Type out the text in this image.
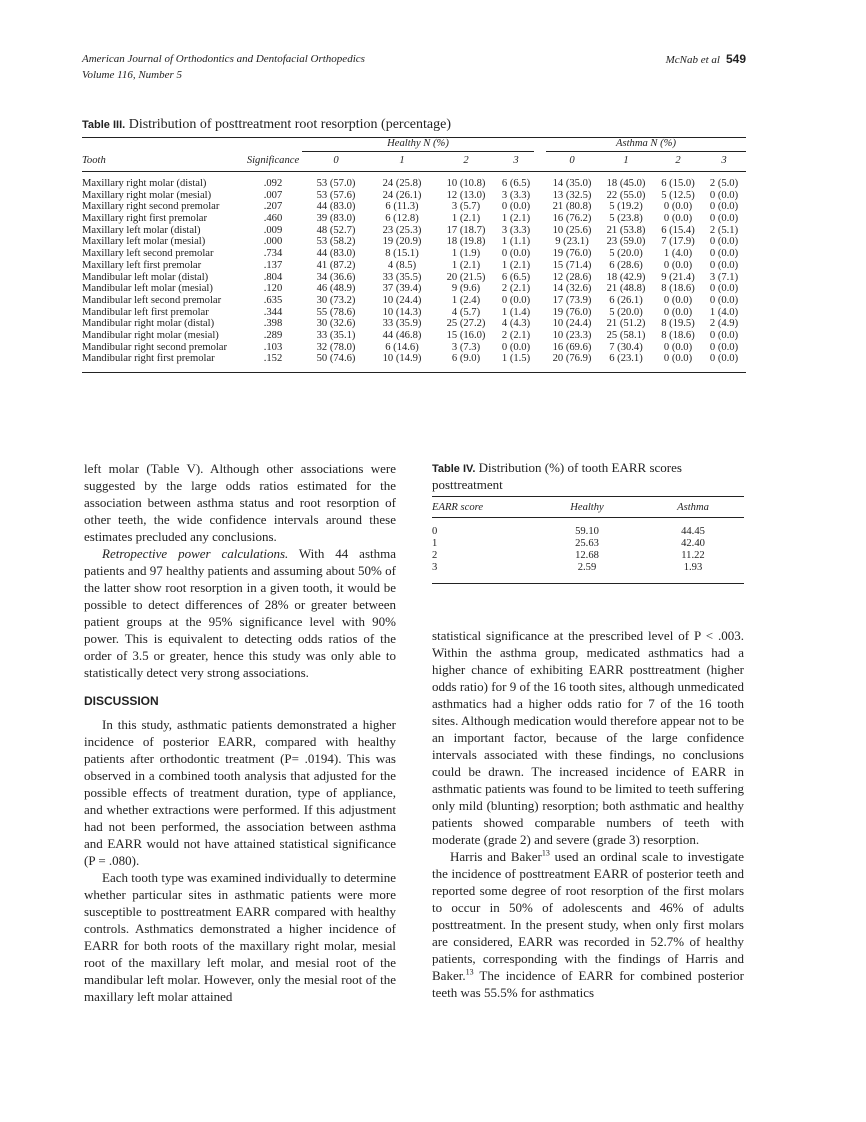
American Journal of Orthodontics and Dentofacial Orthopedics
Volume 116, Number 5
McNab et al 549
Table III. Distribution of posttreatment root resorption (percentage)
		Healthy N (%)					Asthma N (%)			
Tooth	Significance	0	1	2	3		0	1	2	3

Maxillary right molar (distal)	.092	53 (57.0)	24 (25.8)	10 (10.8)	6 (6.5)		14 (35.0)	18 (45.0)	6 (15.0)	2 (5.0)
Maxillary right molar (mesial)	.007	53 (57.6)	24 (26.1)	12 (13.0)	3 (3.3)		13 (32.5)	22 (55.0)	5 (12.5)	0 (0.0)
Maxillary right second premolar	.207	44 (83.0)	6 (11.3)	3 (5.7)	0 (0.0)		21 (80.8)	5 (19.2)	0 (0.0)	0 (0.0)
Maxillary right first premolar	.460	39 (83.0)	6 (12.8)	1 (2.1)	1 (2.1)		16 (76.2)	5 (23.8)	0 (0.0)	0 (0.0)
Maxillary left molar (distal)	.009	48 (52.7)	23 (25.3)	17 (18.7)	3 (3.3)		10 (25.6)	21 (53.8)	6 (15.4)	2 (5.1)
Maxillary left molar (mesial)	.000	53 (58.2)	19 (20.9)	18 (19.8)	1 (1.1)		9 (23.1)	23 (59.0)	7 (17.9)	0 (0.0)
Maxillary left second premolar	.734	44 (83.0)	8 (15.1)	1 (1.9)	0 (0.0)		19 (76.0)	5 (20.0)	1 (4.0)	0 (0.0)
Maxillary left first premolar	.137	41 (87.2)	4 (8.5)	1 (2.1)	1 (2.1)		15 (71.4)	6 (28.6)	0 (0.0)	0 (0.0)
Mandibular left molar (distal)	.804	34 (36.6)	33 (35.5)	20 (21.5)	6 (6.5)		12 (28.6)	18 (42.9)	9 (21.4)	3 (7.1)
Mandibular left molar (mesial)	.120	46 (48.9)	37 (39.4)	9 (9.6)	2 (2.1)		14 (32.6)	21 (48.8)	8 (18.6)	0 (0.0)
Mandibular left second premolar	.635	30 (73.2)	10 (24.4)	1 (2.4)	0 (0.0)		17 (73.9)	6 (26.1)	0 (0.0)	0 (0.0)
Mandibular left first premolar	.344	55 (78.6)	10 (14.3)	4 (5.7)	1 (1.4)		19 (76.0)	5 (20.0)	0 (0.0)	1 (4.0)
Mandibular right molar (distal)	.398	30 (32.6)	33 (35.9)	25 (27.2)	4 (4.3)		10 (24.4)	21 (51.2)	8 (19.5)	2 (4.9)
Mandibular right molar (mesial)	.289	33 (35.1)	44 (46.8)	15 (16.0)	2 (2.1)		10 (23.3)	25 (58.1)	8 (18.6)	0 (0.0)
Mandibular right second premolar	.103	32 (78.0)	6 (14.6)	3 (7.3)	0 (0.0)		16 (69.6)	7 (30.4)	0 (0.0)	0 (0.0)
Mandibular right first premolar	.152	50 (74.6)	10 (14.9)	6 (9.0)	1 (1.5)		20 (76.9)	6 (23.1)	0 (0.0)	0 (0.0)

left molar (Table V). Although other associations were suggested by the large odds ratios estimated for the association between asthma status and root resorption of other teeth, the wide confidence intervals around these estimates precluded any conclusions.

Retropective power calculations. With 44 asthma patients and 97 healthy patients and assuming about 50% of the latter show root resorption in a given tooth, it would be possible to detect differences of 28% or greater between patient groups at the 95% significance level with 90% power. This is equivalent to detecting odds ratios of the order of 3.5 or greater, hence this study was only able to statistically detect very strong associations.

DISCUSSION

In this study, asthmatic patients demonstrated a higher incidence of posterior EARR, compared with healthy patients after orthodontic treatment (P= .0194). This was observed in a combined tooth analysis that adjusted for the possible effects of treatment duration, type of appliance, and whether extractions were performed. If this adjustment had not been performed, the association between asthma and EARR would not have attained statistical significance (P = .080).

Each tooth type was examined individually to determine whether particular sites in asthmatic patients were more susceptible to posttreatment EARR compared with healthy controls. Asthmatics demonstrated a higher incidence of EARR for both roots of the maxillary right molar, mesial root of the maxillary left molar, and mesial root of the mandibular left molar. However, only the mesial root of the maxillary left molar attained

Table IV. Distribution (%) of tooth EARR scores posttreatment
EARR score	Healthy	Asthma

0	59.10	44.45
1	25.63	42.40
2	12.68	11.22
3	2.59	1.93

statistical significance at the prescribed level of P < .003. Within the asthma group, medicated asthmatics had a higher chance of exhibiting EARR posttreatment (higher odds ratio) for 9 of the 16 tooth sites, although unmedicated asthmatics had a higher odds ratio for 7 of the 16 tooth sites. Although medication would therefore appear not to be an important factor, because of the large confidence intervals associated with these findings, no conclusions could be drawn. The increased incidence of EARR in asthmatic patients was found to be limited to teeth suffering only mild (blunting) resorption; both asthmatic and healthy patients showed comparable numbers of teeth with moderate (grade 2) and severe (grade 3) resorption.

Harris and Baker$^{13}$ used an ordinal scale to investigate the incidence of posttreatment EARR of posterior teeth and reported some degree of root resorption of the first molars to occur in 50% of adolescents and 46% of adults posttreatment. In the present study, when only first molars are considered, EARR was recorded in 52.7% of healthy patients, corresponding with the findings of Harris and Baker.$^{13}$ The incidence of EARR for combined posterior teeth was 55.5% for asthmatics
